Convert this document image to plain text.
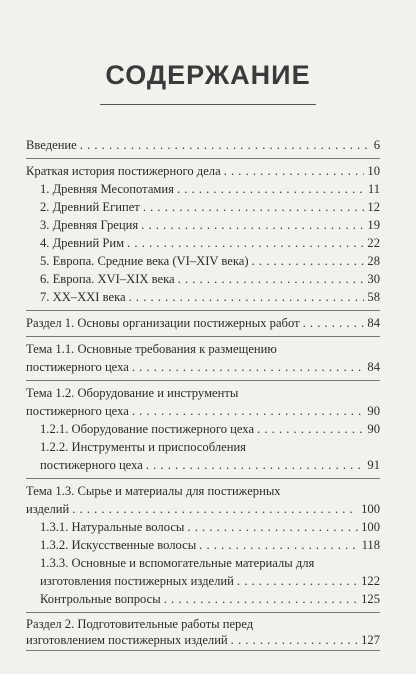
СОДЕРЖАНИЕ
Введение . . .	6
Краткая история постижерного дела . . .	10
1. Древняя Месопотамия . . .	11
2. Древний Египет . . .	12
3. Древняя Греция . . .	19
4. Древний Рим . . .	22
5. Европа. Средние века (VI–XIV века) . . .	28
6. Европа. XVI–XIX века . . .	30
7. XX–XXI века . . .	58
Раздел 1. Основы организации постижерных работ . . .	84
Тема 1.1. Основные требования к размещению
постижерного цеха . . .	84
Тема 1.2. Оборудование и инструменты
постижерного цеха . . .	90
1.2.1. Оборудование постижерного цеха . . .	90
1.2.2. Инструменты и приспособления
постижерного цеха . . .	91
Тема 1.3. Сырье и материалы для постижерных
изделий . . .	100
1.3.1. Натуральные волосы . . .	100
1.3.2. Искусственные волосы . . .	118
1.3.3. Основные и вспомогательные материалы для
изготовления постижерных изделий . . .	122
Контрольные вопросы . . .	125
Раздел 2. Подготовительные работы перед
изготовлением постижерных изделий . . .	127
